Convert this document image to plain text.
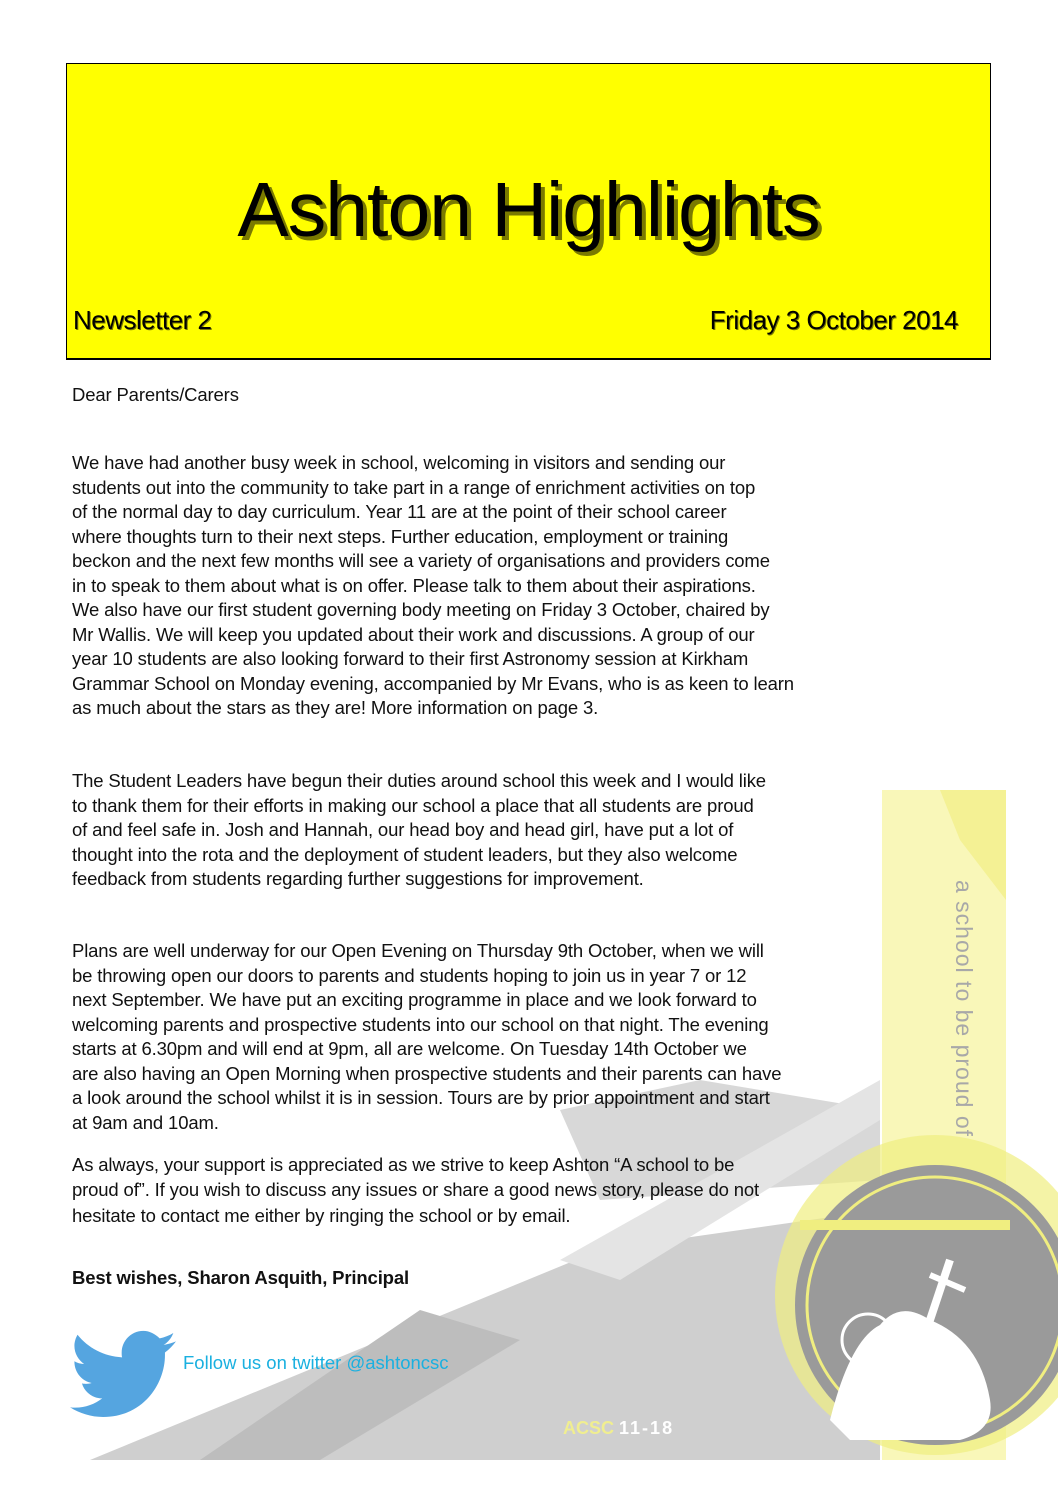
Ashton Highlights
Newsletter 2	Friday 3 October 2014
a school to be proud of
ACSC 11-18
Dear Parents/Carers
We have had another busy week in school, welcoming in visitors and sending our
students out into the community to take part in a range of enrichment activities on top
of the normal day to day curriculum. Year 11 are at the point of their school career
where thoughts turn to their next steps. Further education, employment or training
beckon and the next few months will see a variety of organisations and providers come
in to speak to them about what is on offer. Please talk to them about their aspirations.
We also have our first student governing body meeting on Friday 3 October, chaired by
Mr Wallis. We will keep you updated about their work and discussions. A group of our
year 10 students are also looking forward to their first Astronomy session at Kirkham
Grammar School on Monday evening, accompanied by Mr Evans, who is as keen to learn
as much about the stars as they are! More information on page 3.
The Student Leaders have begun their duties around school this week and I would like
to thank them for their efforts in making our school a place that all students are proud
of and feel safe in. Josh and Hannah, our head boy and head girl, have put a lot of
thought into the rota and the deployment of student leaders, but they also welcome
feedback from students regarding further suggestions for improvement.
Plans are well underway for our Open Evening on Thursday 9th October, when we will
be throwing open our doors to parents and students hoping to join us in year 7 or 12
next September. We have put an exciting programme in place and we look forward to
welcoming parents and prospective students into our school on that night. The evening
starts at 6.30pm and will end at 9pm, all are welcome. On Tuesday 14th October we
are also having an Open Morning when prospective students and their parents can have
a look around the school whilst it is in session. Tours are by prior appointment and start
at 9am and 10am.
As always, your support is appreciated as we strive to keep Ashton “A school to be
proud of”. If you wish to discuss any issues or share a good news story, please do not
hesitate to contact me either by ringing the school or by email.
Best wishes, Sharon Asquith, Principal
Follow us on twitter @ashtoncsc
